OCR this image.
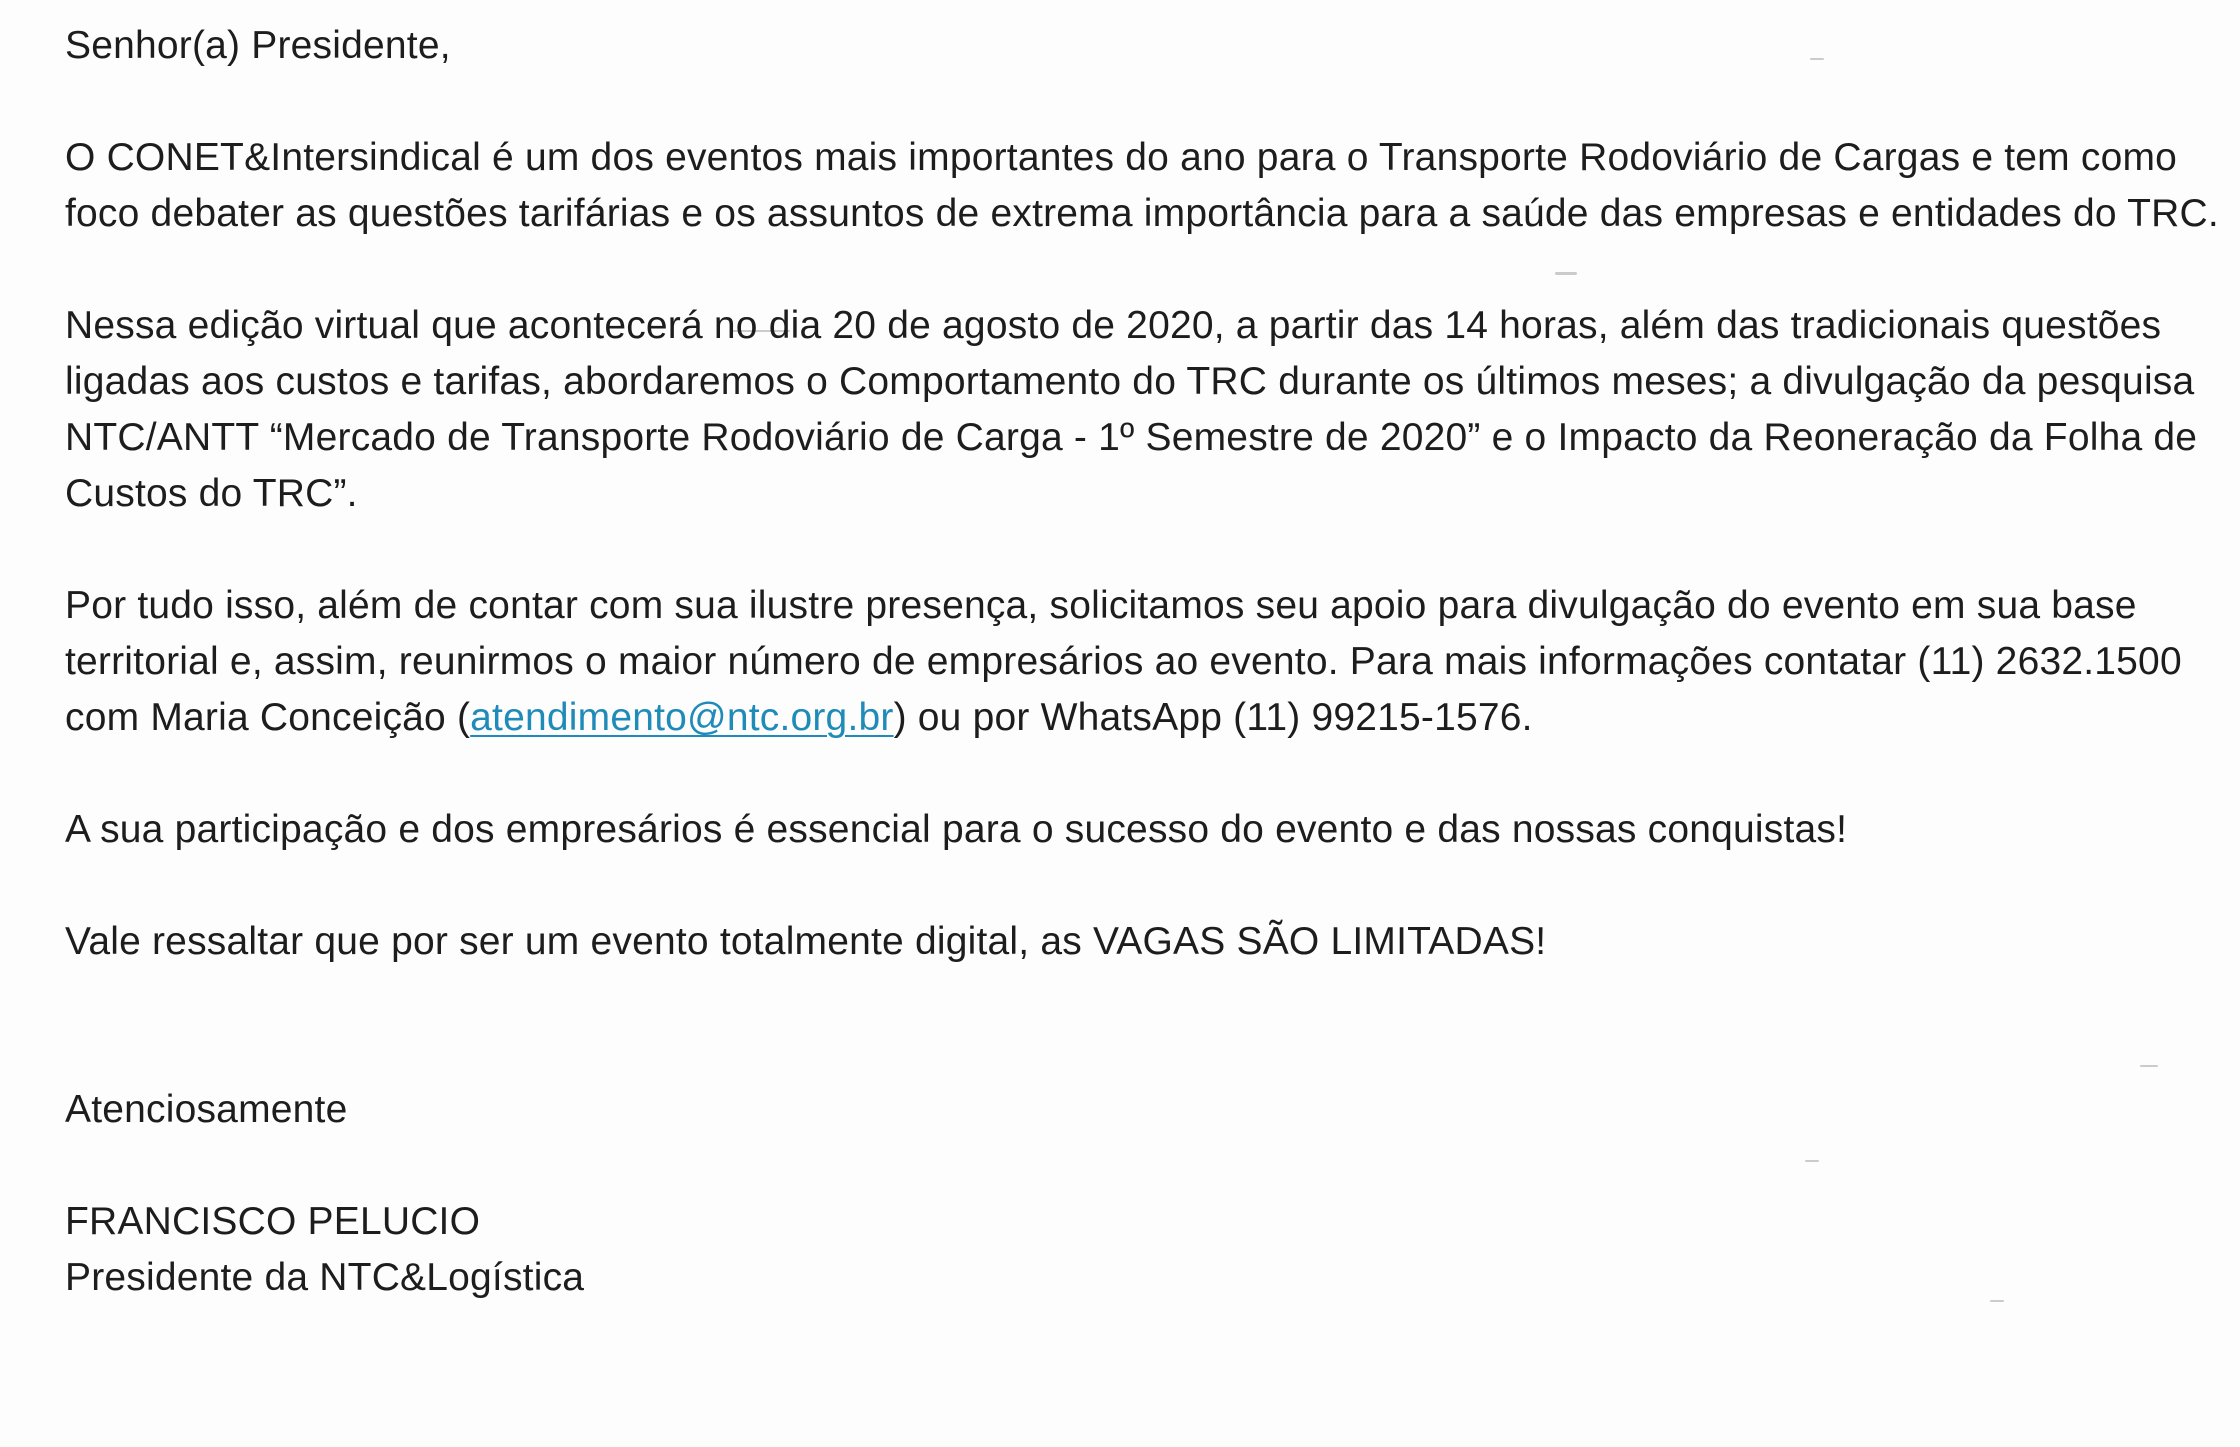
Senhor(a) Presidente,

O CONET&Intersindical é um dos eventos mais importantes do ano para o Transporte Rodoviário de Cargas e tem como foco debater as questões tarifárias e os assuntos de extrema importância para a saúde das empresas e entidades do TRC.

Nessa edição virtual que acontecerá no dia 20 de agosto de 2020, a partir das 14 horas, além das tradicionais questões ligadas aos custos e tarifas, abordaremos o Comportamento do TRC durante os últimos meses; a divulgação da pesquisa NTC/ANTT “Mercado de Transporte Rodoviário de Carga - 1º Semestre de 2020” e o Impacto da Reoneração da Folha de Custos do TRC”.

Por tudo isso, além de contar com sua ilustre presença, solicitamos seu apoio para divulgação do evento em sua base territorial e, assim, reunirmos o maior número de empresários ao evento. Para mais informações contatar (11) 2632.1500 com Maria Conceição (atendimento@ntc.org.br) ou por WhatsApp (11) 99215-1576.

A sua participação e dos empresários é essencial para o sucesso do evento e das nossas conquistas!

Vale ressaltar que por ser um evento totalmente digital, as VAGAS SÃO LIMITADAS!

Atenciosamente

FRANCISCO PELUCIO

Presidente da NTC&Logística
